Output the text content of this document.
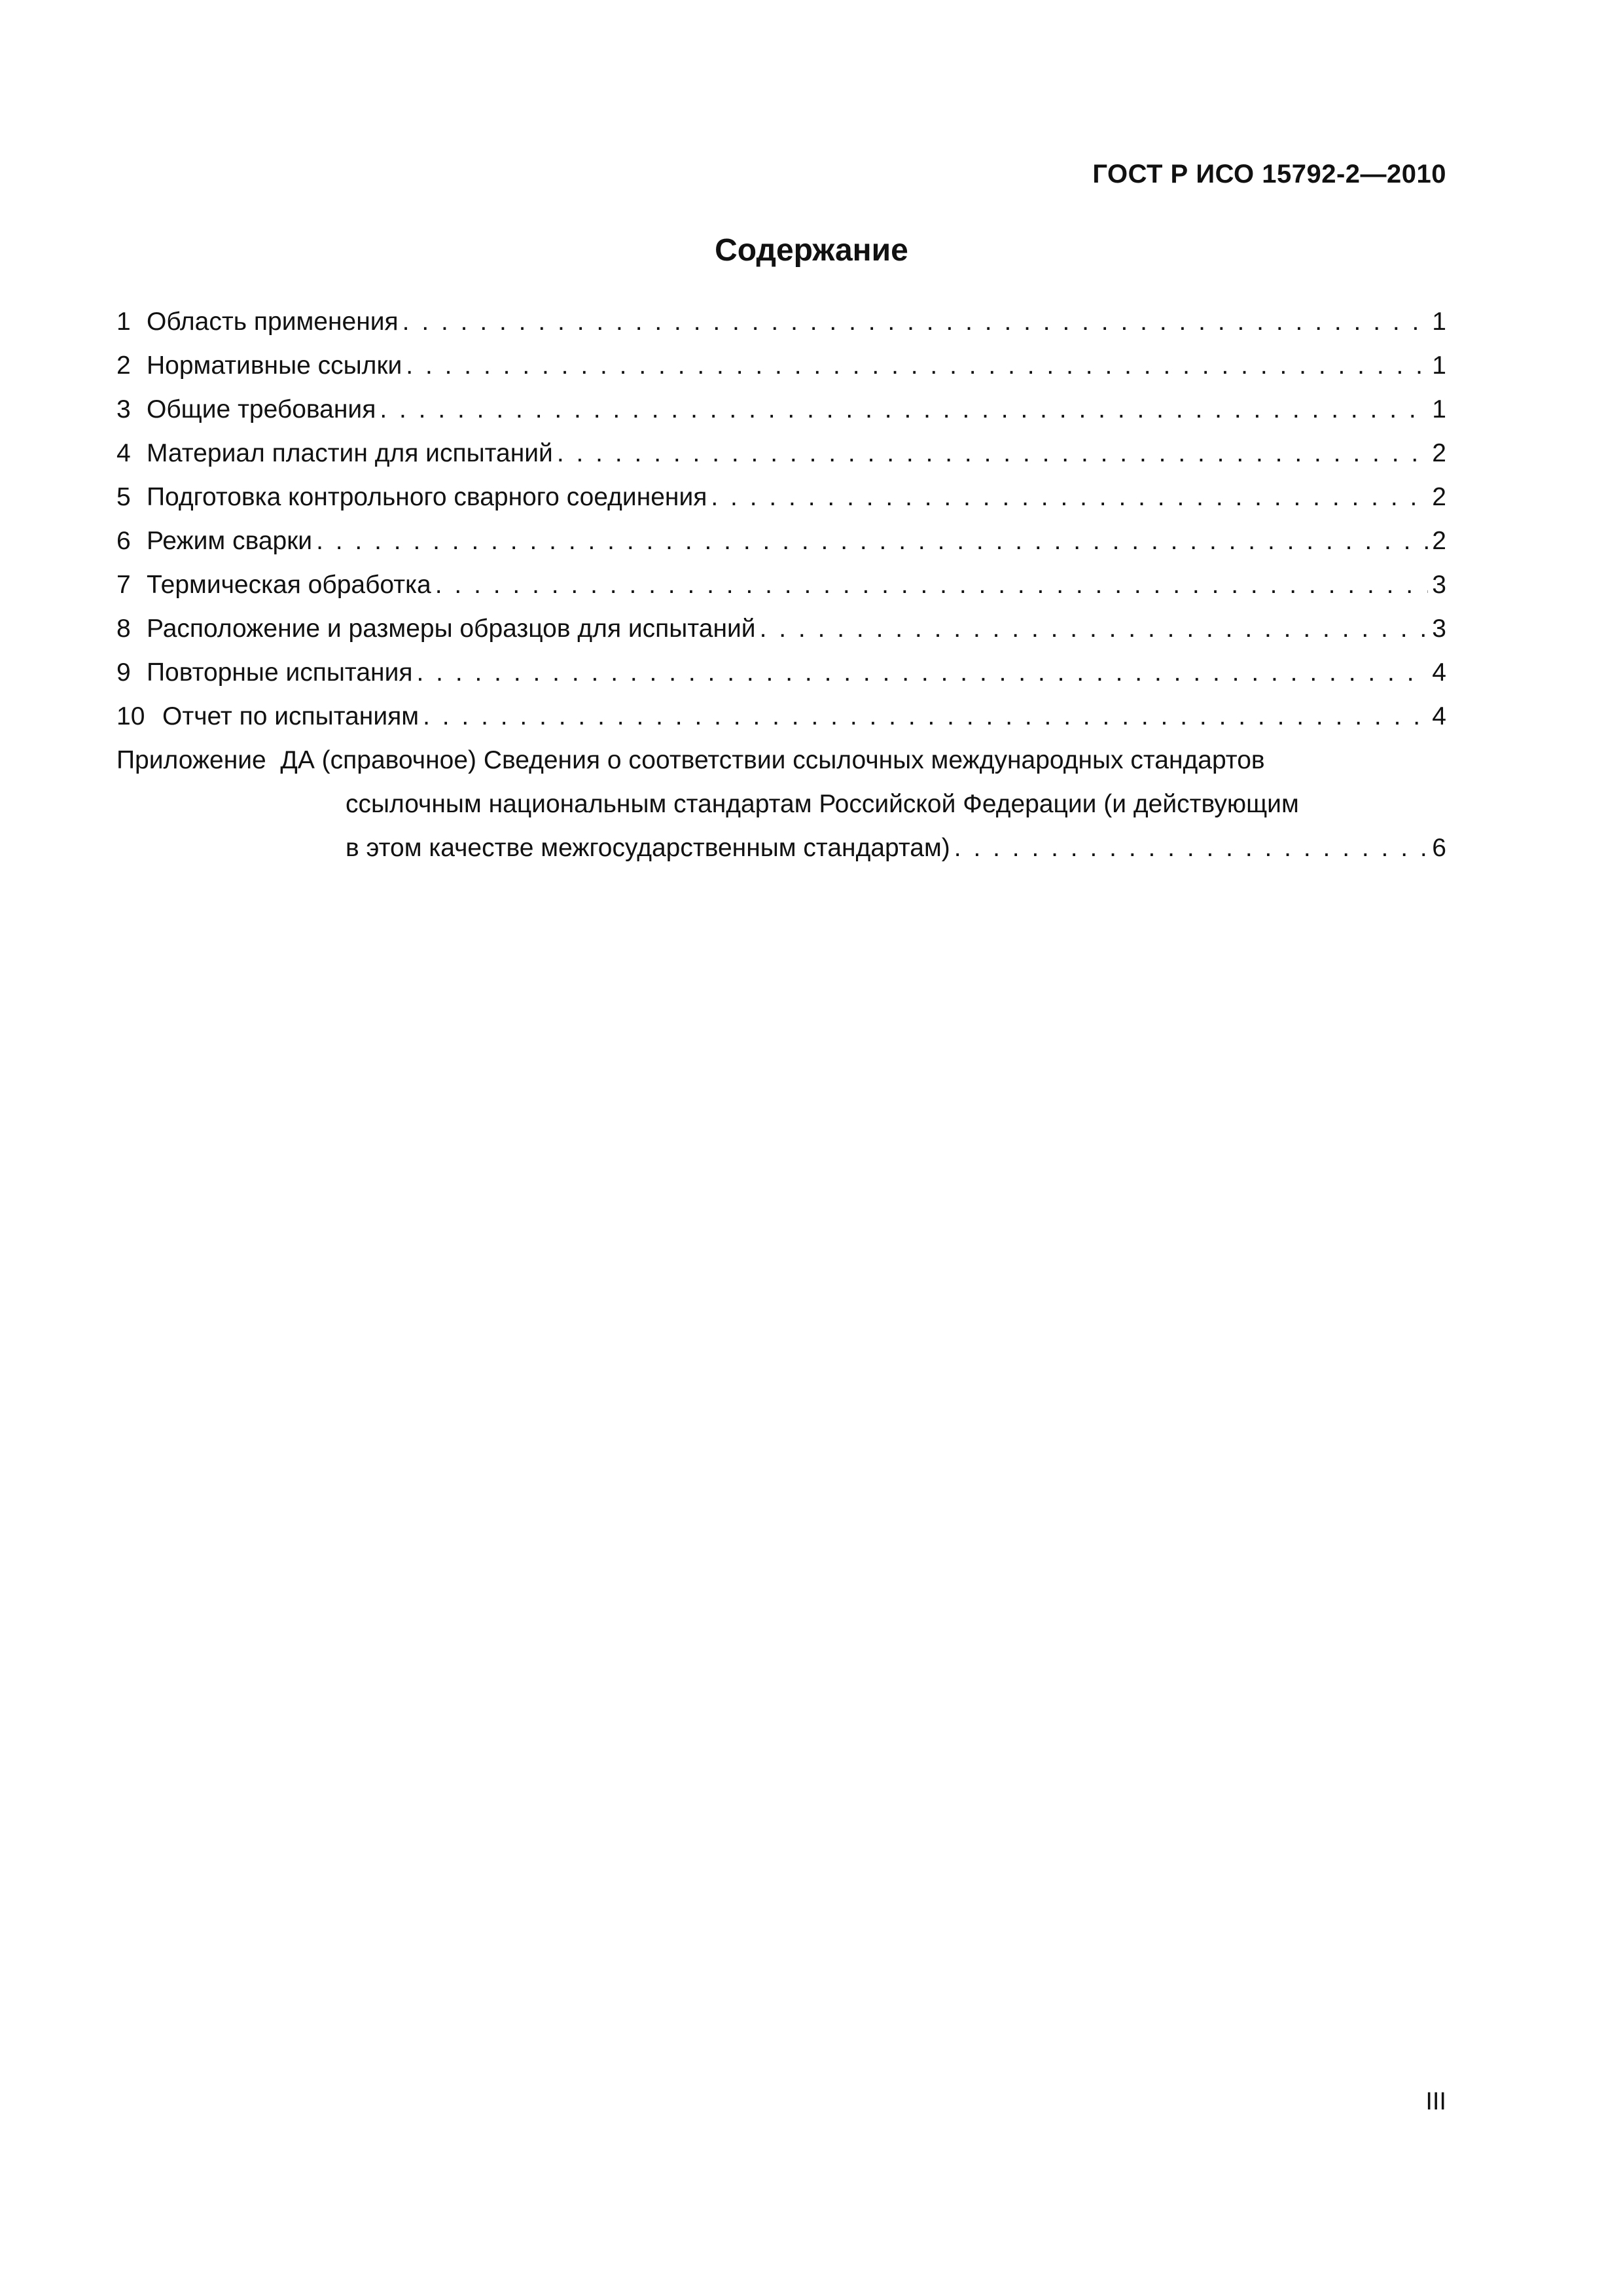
ГОСТ Р ИСО 15792-2—2010
Содержание
1 Область применения . . .	1
2 Нормативные ссылки . . .	1
3 Общие требования . . .	1
4 Материал пластин для испытаний . . .	2
5 Подготовка контрольного сварного соединения . . .	2
6 Режим сварки . . .	2
7 Термическая обработка . . .	3
8 Расположение и размеры образцов для испытаний . . .	3
9 Повторные испытания . . .	4
10 Отчет по испытаниям . . .	4
Приложение  ДА (справочное) Сведения о соответствии ссылочных международных стандартов
ссылочным национальным стандартам Российской Федерации (и действующим
в этом качестве межгосударственным стандартам) . . .	6
III
